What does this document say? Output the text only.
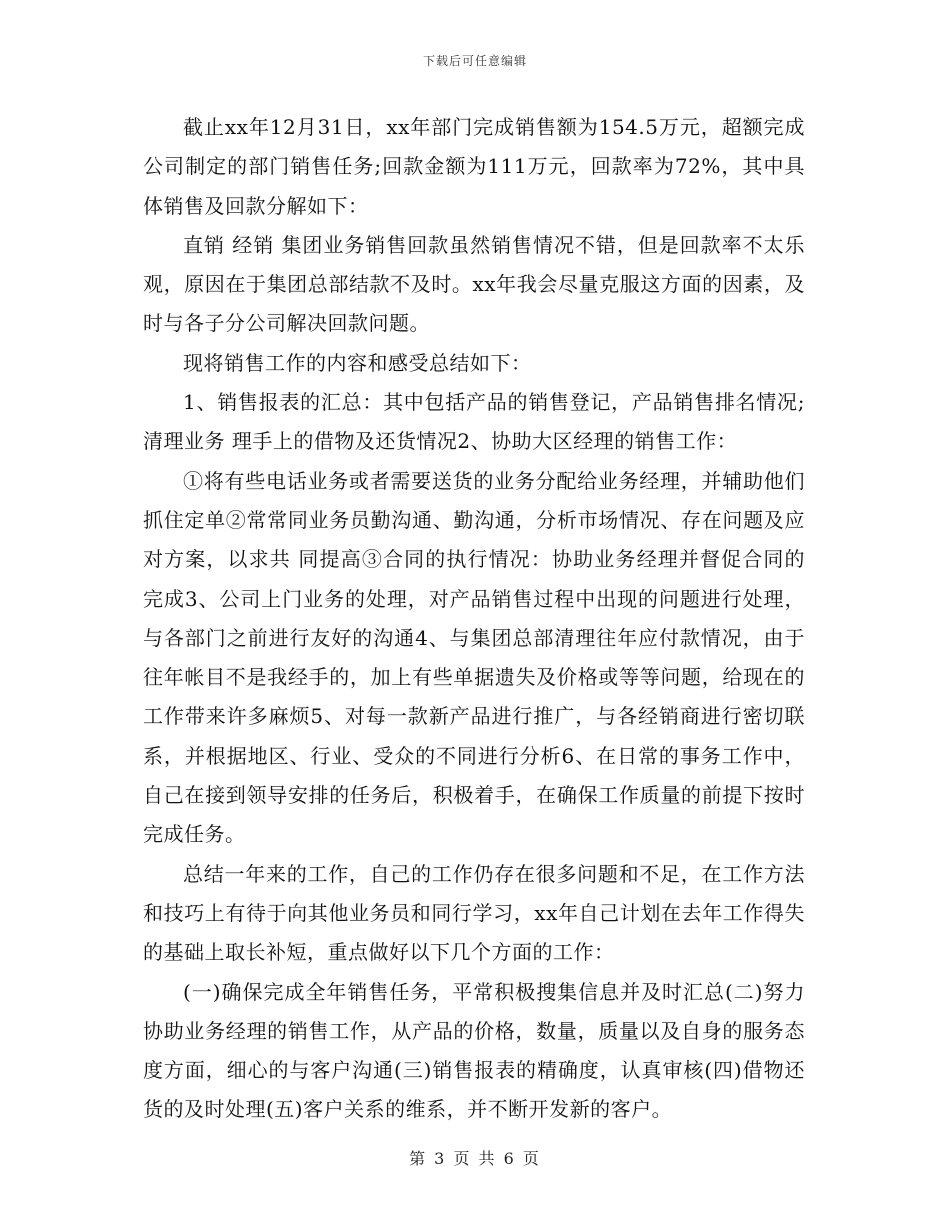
下载后可任意编辑

截止xx年12月31日，xx年部门完成销售额为154.5万元，超额完成公司制定的部门销售任务;回款金额为111万元，回款率为72%，其中具体销售及回款分解如下：

直销 经销 集团业务销售回款虽然销售情况不错，但是回款率不太乐观，原因在于集团总部结款不及时。xx年我会尽量克服这方面的因素，及时与各子分公司解决回款问题。

现将销售工作的内容和感受总结如下：

1、销售报表的汇总：其中包括产品的销售登记，产品销售排名情况;清理业务 理手上的借物及还货情况2、协助大区经理的销售工作：

①将有些电话业务或者需要送货的业务分配给业务经理，并辅助他们抓住定单②常常同业务员勤沟通、勤沟通，分析市场情况、存在问题及应对方案，以求共 同提高③合同的执行情况：协助业务经理并督促合同的完成3、公司上门业务的处理，对产品销售过程中出现的问题进行处理，与各部门之前进行友好的沟通4、与集团总部清理往年应付款情况，由于往年帐目不是我经手的，加上有些单据遗失及价格或等等问题，给现在的工作带来许多麻烦5、对每一款新产品进行推广，与各经销商进行密切联系，并根据地区、行业、受众的不同进行分析6、在日常的事务工作中，自己在接到领导安排的任务后，积极着手，在确保工作质量的前提下按时完成任务。

总结一年来的工作，自己的工作仍存在很多问题和不足，在工作方法和技巧上有待于向其他业务员和同行学习，xx年自己计划在去年工作得失的基础上取长补短，重点做好以下几个方面的工作：

(一)确保完成全年销售任务，平常积极搜集信息并及时汇总(二)努力协助业务经理的销售工作，从产品的价格，数量，质量以及自身的服务态度方面，细心的与客户沟通(三)销售报表的精确度，认真审核(四)借物还货的及时处理(五)客户关系的维系，并不断开发新的客户。

第 3 页 共 6 页
